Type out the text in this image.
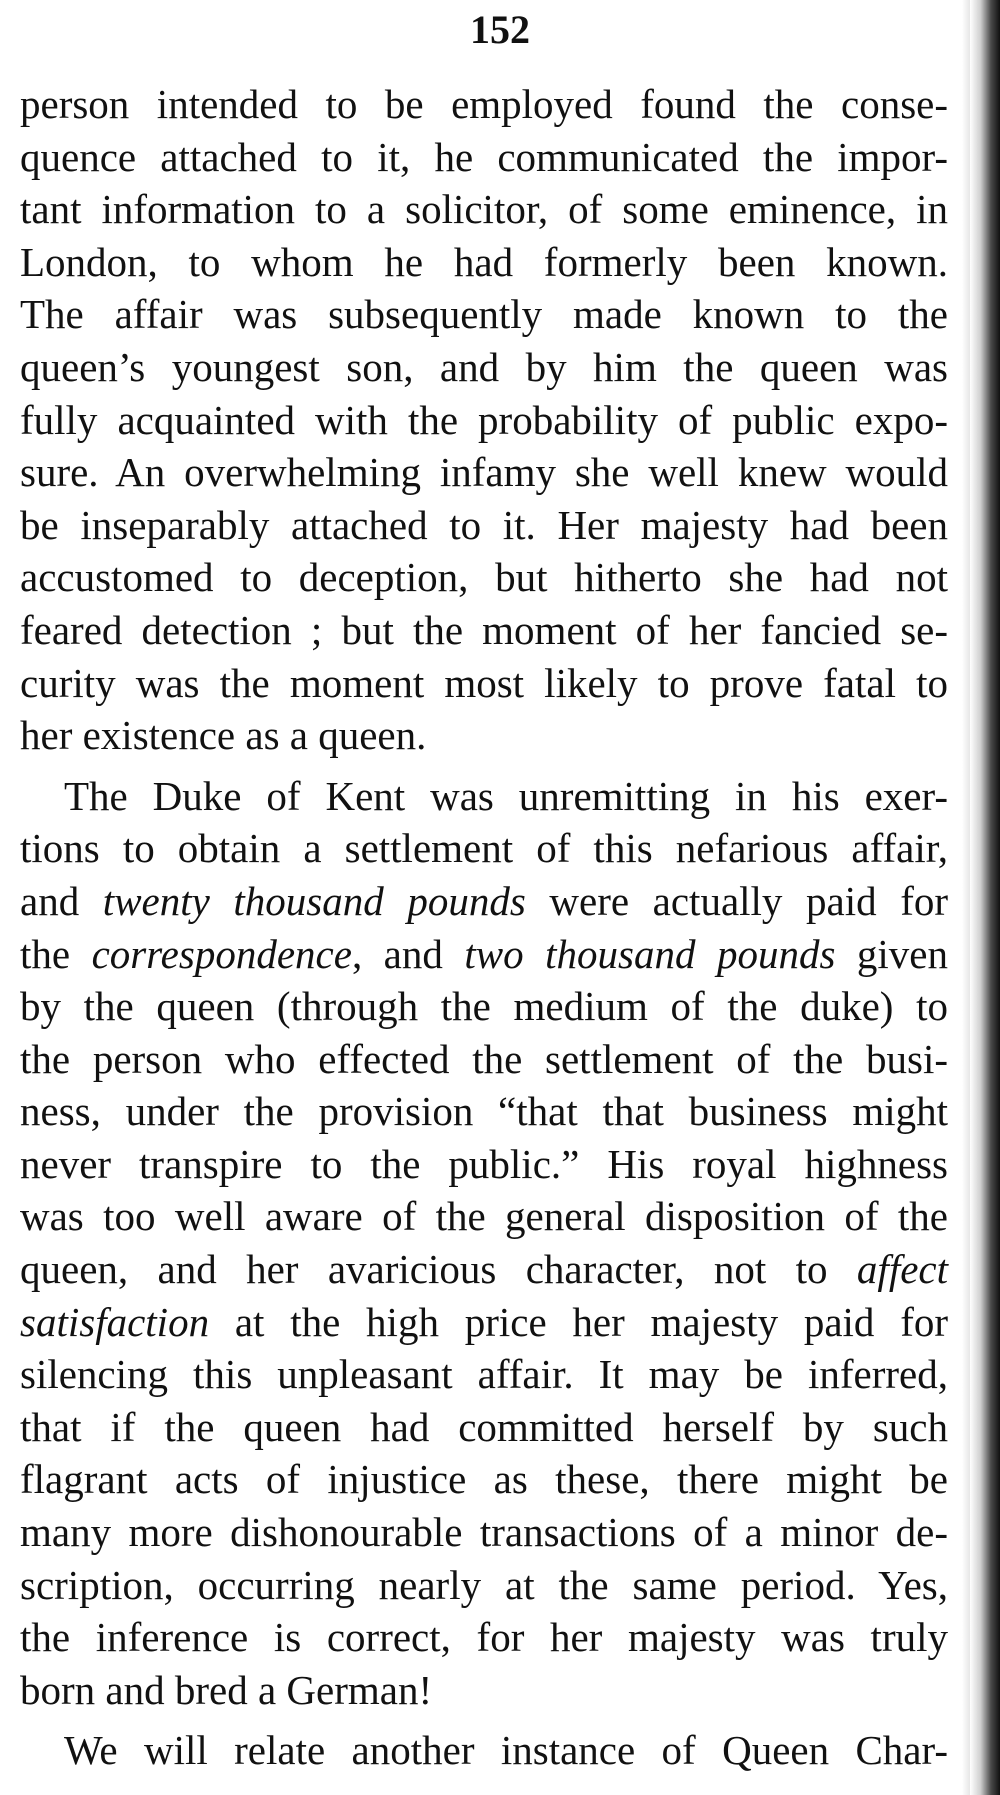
152
person intended to be employed found the conse-
quence attached to it, he communicated the impor-
tant information to a solicitor, of some eminence, in
London, to whom he had formerly been known.
The affair was subsequently made known to the
queen’s youngest son, and by him the queen was
fully acquainted with the probability of public expo-
sure. An overwhelming infamy she well knew would
be inseparably attached to it. Her majesty had been
accustomed to deception, but hitherto she had not
feared detection ; but the moment of her fancied se-
curity was the moment most likely to prove fatal to
her existence as a queen.
The Duke of Kent was unremitting in his exer-
tions to obtain a settlement of this nefarious affair,
and twenty thousand pounds were actually paid for
the correspondence, and two thousand pounds given
by the queen (through the medium of the duke) to
the person who effected the settlement of the busi-
ness, under the provision “that that business might
never transpire to the public.” His royal highness
was too well aware of the general disposition of the
queen, and her avaricious character, not to affect
satisfaction at the high price her majesty paid for
silencing this unpleasant affair. It may be inferred,
that if the queen had committed herself by such
flagrant acts of injustice as these, there might be
many more dishonourable transactions of a minor de-
scription, occurring nearly at the same period. Yes,
the inference is correct, for her majesty was truly
born and bred a German!
We will relate another instance of Queen Char-
